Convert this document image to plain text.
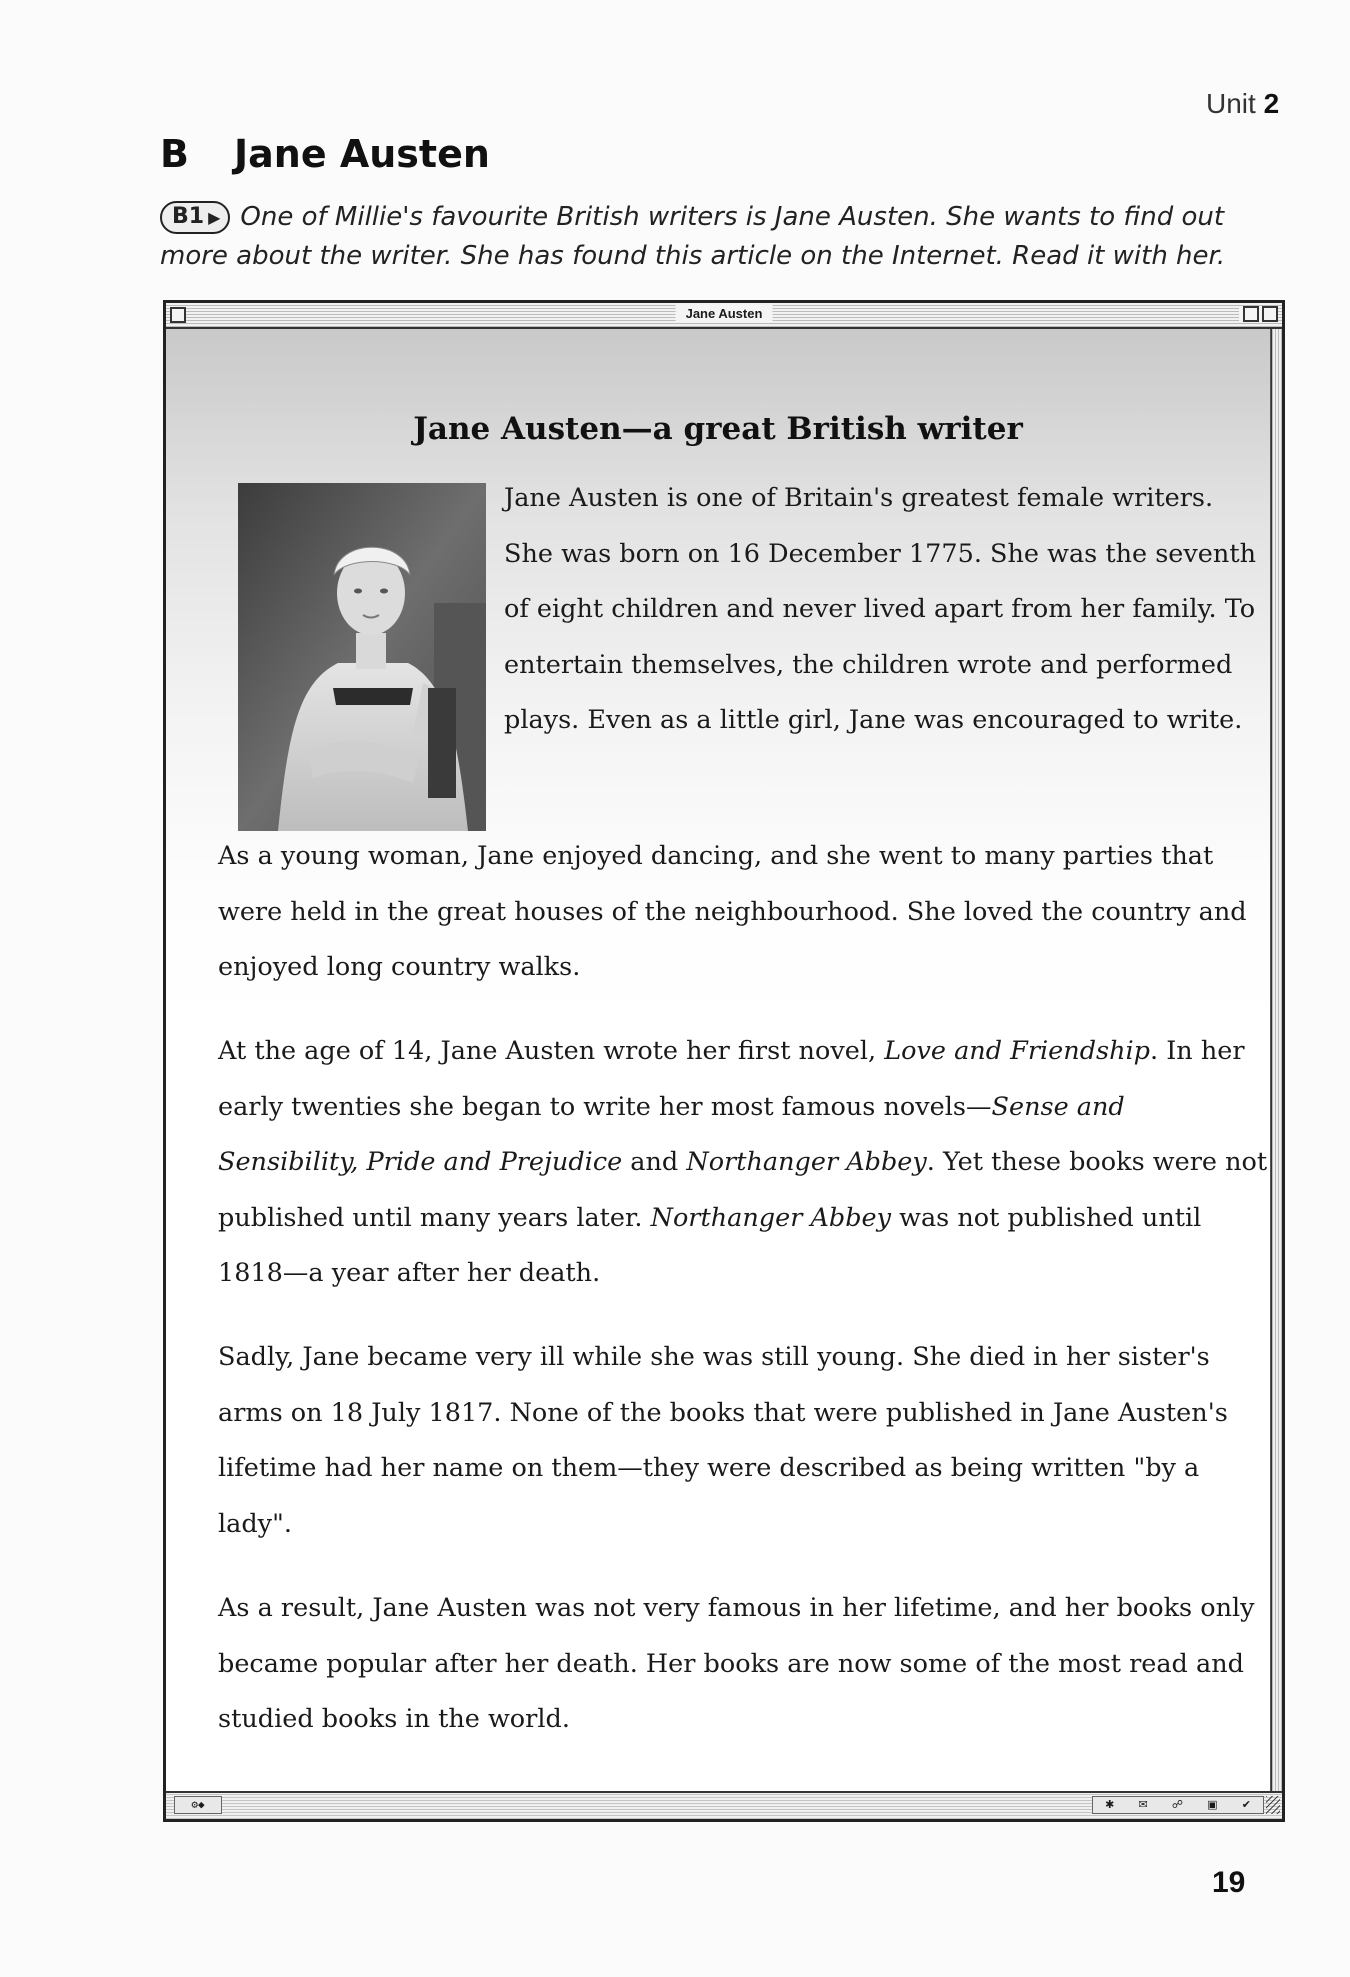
Unit 2
B Jane Austen
B1 ▶ One of Millie's favourite British writers is Jane Austen. She wants to find out more about the writer. She has found this article on the Internet. Read it with her.
Jane Austen
Jane Austen—a great British writer

Jane Austen is one of Britain's greatest female writers. She was born on 16 December 1775. She was the seventh of eight children and never lived apart from her family. To entertain themselves, the children wrote and performed plays. Even as a little girl, Jane was encouraged to write.

As a young woman, Jane enjoyed dancing, and she went to many parties that were held in the great houses of the neighbourhood. She loved the country and enjoyed long country walks.

At the age of 14, Jane Austen wrote her first novel, Love and Friendship. In her early twenties she began to write her most famous novels—Sense and Sensibility, Pride and Prejudice and Northanger Abbey. Yet these books were not published until many years later. Northanger Abbey was not published until 1818—a year after her death.

Sadly, Jane became very ill while she was still young. She died in her sister's arms on 18 July 1817. None of the books that were published in Jane Austen's lifetime had her name on them—they were described as being written "by a lady".

As a result, Jane Austen was not very famous in her lifetime, and her books only became popular after her death. Her books are now some of the most read and studied books in the world.

⚙◆	✱ ✉ ☍ ▣ ✔
19
